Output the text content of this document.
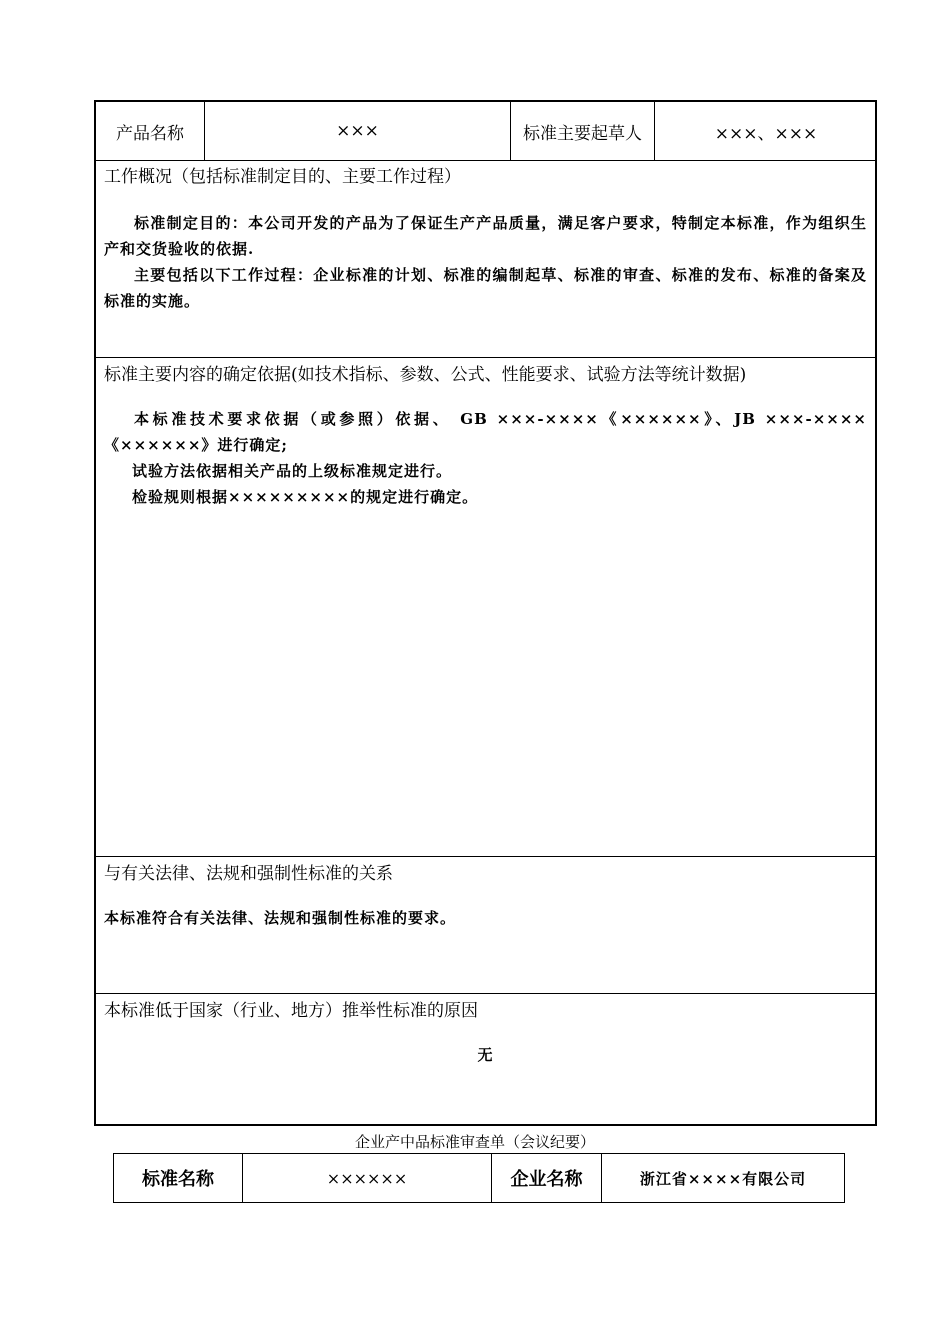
产品名称	×××	标准主要起草人	×××、×××
工作概况（包括标准制定目的、主要工作过程）

标准制定目的：本公司开发的产品为了保证生产产品质量，满足客户要求，特制定本标准，作为组织生产和交货验收的依据.

主要包括以下工作过程：企业标准的计划、标准的编制起草、标准的审查、标准的发布、标准的备案及标准的实施。

标准主要内容的确定依据(如技术指标、参数、公式、性能要求、试验方法等统计数据)

本标准技术要求依据（或参照）依据、 GB ×××-××××《××××××》、JB ×××-××××《××××××》进行确定;

试验方法依据相关产品的上级标准规定进行。

检验规则根据×××××××××的规定进行确定。

与有关法律、法规和强制性标准的关系
本标准符合有关法律、法规和强制性标准的要求。
本标准低于国家（行业、地方）推举性标准的原因
无
企业产中品标准审查单（会议纪要）
标准名称	××××××	企业名称	浙江省××××有限公司
